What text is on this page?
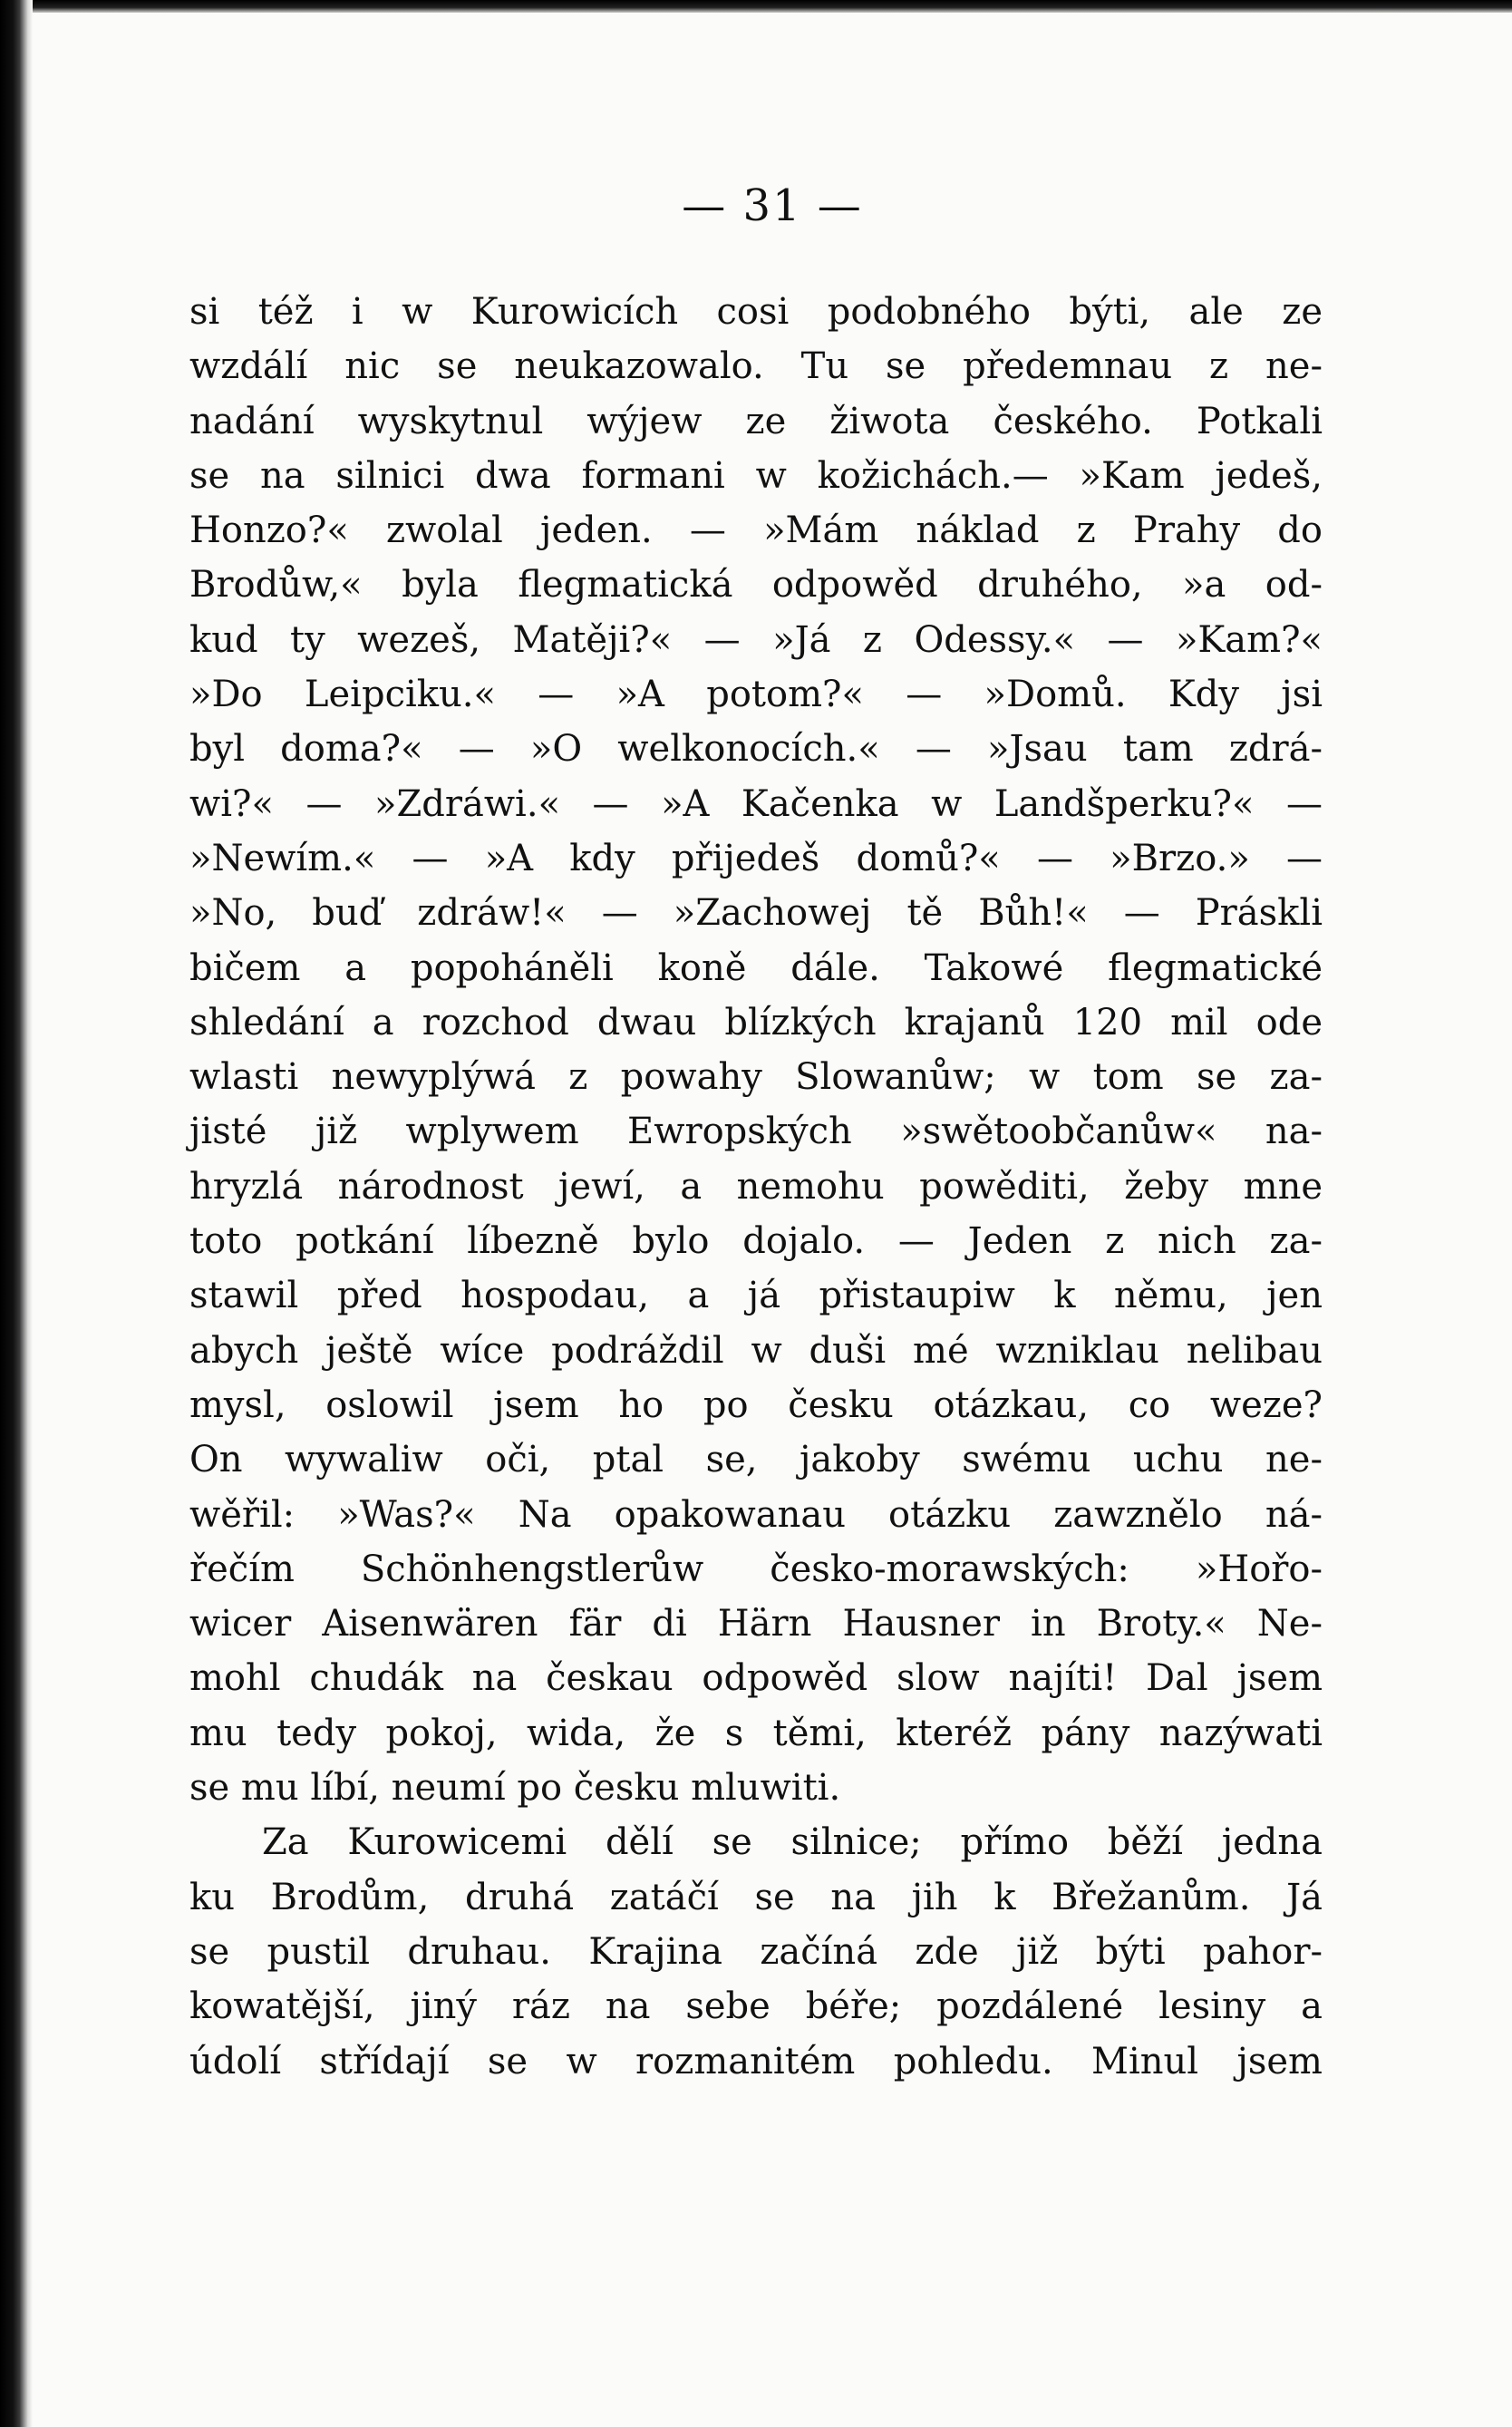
— 31 —
si též i w Kurowicích cosi podobného býti, ale ze
wzdálí nic se neukazowalo. Tu se předemnau z ne-
nadání wyskytnul wýjew ze žiwota českého. Potkali
se na silnici dwa formani w kožichách.— »Kam jedeš,
Honzo?« zwolal jeden. — »Mám náklad z Prahy do
Brodůw,« byla flegmatická odpowěd druhého, »a od-
kud ty wezeš, Matěji?« — »Já z Odessy.« — »Kam?«
»Do Leipciku.« — »A potom?« — »Domů. Kdy jsi
byl doma?« — »O welkonocích.« — »Jsau tam zdrá-
wi?« — »Zdráwi.« — »A Kačenka w Landšperku?« —
»Newím.« — »A kdy přijedeš domů?« — »Brzo.» —
»No, buď zdráw!« — »Zachowej tě Bůh!« — Práskli
bičem a popoháněli koně dále. Takowé flegmatické
shledání a rozchod dwau blízkých krajanů 120 mil ode
wlasti newyplýwá z powahy Slowanůw; w tom se za-
jisté již wplywem Ewropských »swětoobčanůw« na-
hryzlá národnost jewí, a nemohu powěditi, žeby mne
toto potkání líbezně bylo dojalo. — Jeden z nich za-
stawil před hospodau, a já přistaupiw k němu, jen
abych ještě wíce podráždil w duši mé wzniklau nelibau
mysl, oslowil jsem ho po česku otázkau, co weze?
On wywaliw oči, ptal se, jakoby swému uchu ne-
wěřil: »Was?« Na opakowanau otázku zawznělo ná-
řečím Schönhengstlerůw česko-morawských: »Hořo-
wicer Aisenwären fär di Härn Hausner in Broty.« Ne-
mohl chudák na českau odpowěd slow najíti! Dal jsem
mu tedy pokoj, wida, že s těmi, kteréž pány nazýwati
se mu líbí, neumí po česku mluwiti.
Za Kurowicemi dělí se silnice; přímo běží jedna
ku Brodům, druhá zatáčí se na jih k Břežanům. Já
se pustil druhau. Krajina začíná zde již býti pahor-
kowatější, jiný ráz na sebe béře; pozdálené lesiny a
údolí střídají se w rozmanitém pohledu. Minul jsem
